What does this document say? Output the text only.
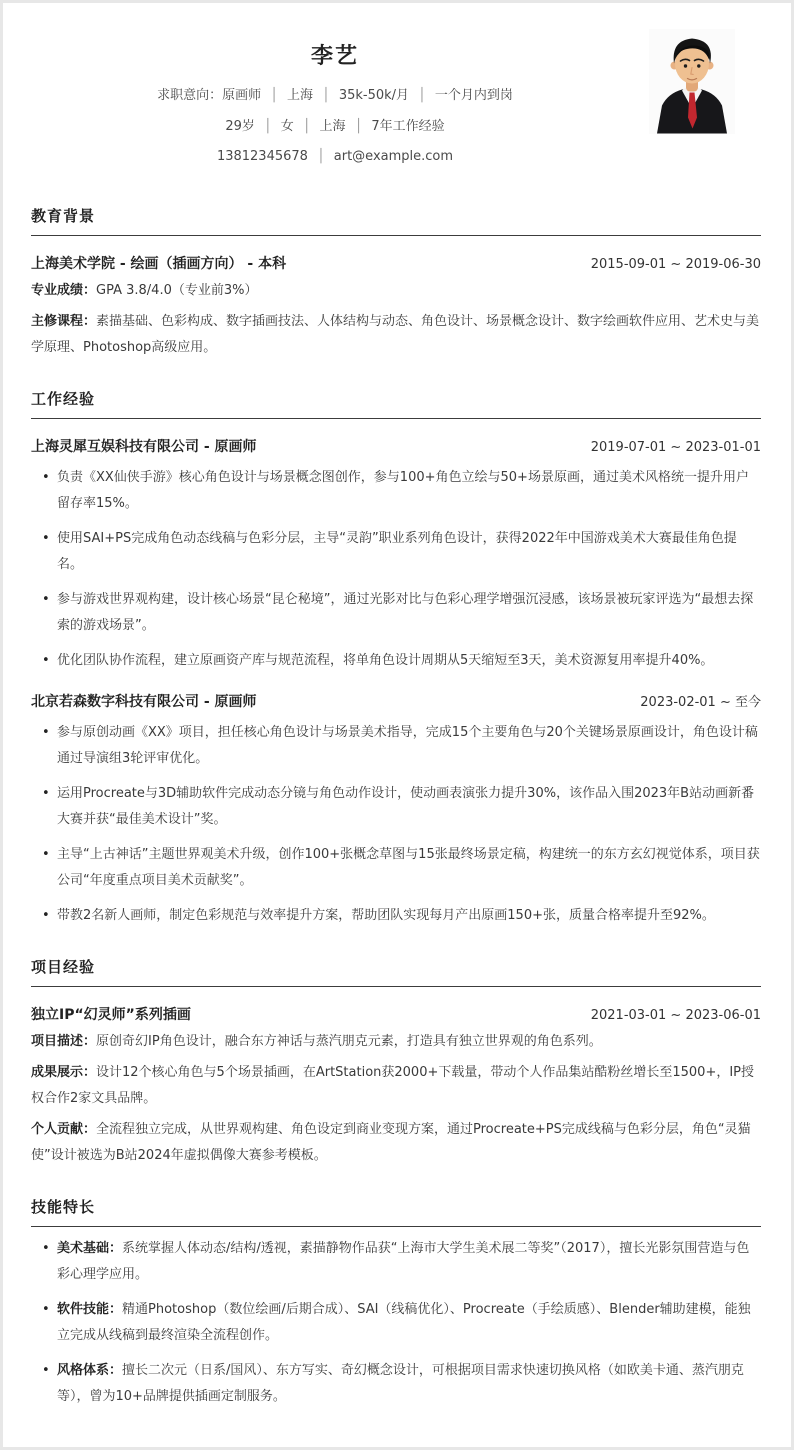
李艺
求职意向：原画师 │ 上海 │ 35k-50k/月 │ 一个月内到岗
29岁 │ 女 │ 上海 │ 7年工作经验
13812345678 │ art@example.com
教育背景
上海美术学院 - 绘画（插画方向） - 本科	2015-09-01 ~ 2019-06-30

专业成绩：GPA 3.8/4.0（专业前3%）

主修课程：素描基础、色彩构成、数字插画技法、人体结构与动态、角色设计、场景概念设计、数字绘画软件应用、艺术史与美学原理、Photoshop高级应用。

工作经验
上海灵犀互娱科技有限公司 - 原画师	2019-07-01 ~ 2023-01-01
• 负责《XX仙侠手游》核心角色设计与场景概念图创作，参与100+角色立绘与50+场景原画，通过美术风格统一提升用户留存率15%。
• 使用SAI+PS完成角色动态线稿与色彩分层，主导“灵韵”职业系列角色设计，获得2022年中国游戏美术大赛最佳角色提名。
• 参与游戏世界观构建，设计核心场景“昆仑秘境”，通过光影对比与色彩心理学增强沉浸感，该场景被玩家评选为“最想去探索的游戏场景”。
• 优化团队协作流程，建立原画资产库与规范流程，将单角色设计周期从5天缩短至3天，美术资源复用率提升40%。
北京若森数字科技有限公司 - 原画师	2023-02-01 ~ 至今
• 参与原创动画《XX》项目，担任核心角色设计与场景美术指导，完成15个主要角色与20个关键场景原画设计，角色设计稿通过导演组3轮评审优化。
• 运用Procreate与3D辅助软件完成动态分镜与角色动作设计，使动画表演张力提升30%，该作品入围2023年B站动画新番大赛并获“最佳美术设计”奖。
• 主导“上古神话”主题世界观美术升级，创作100+张概念草图与15张最终场景定稿，构建统一的东方玄幻视觉体系，项目获公司“年度重点项目美术贡献奖”。
• 带教2名新人画师，制定色彩规范与效率提升方案，帮助团队实现每月产出原画150+张，质量合格率提升至92%。
项目经验
独立IP“幻灵师”系列插画	2021-03-01 ~ 2023-06-01

项目描述：原创奇幻IP角色设计，融合东方神话与蒸汽朋克元素，打造具有独立世界观的角色系列。

成果展示：设计12个核心角色与5个场景插画，在ArtStation获2000+下载量，带动个人作品集站酷粉丝增长至1500+，IP授权合作2家文具品牌。

个人贡献：全流程独立完成，从世界观构建、角色设定到商业变现方案，通过Procreate+PS完成线稿与色彩分层，角色“灵猫使”设计被选为B站2024年虚拟偶像大赛参考模板。

技能特长
• 美术基础：系统掌握人体动态/结构/透视，素描静物作品获“上海市大学生美术展二等奖”（2017），擅长光影氛围营造与色彩心理学应用。
• 软件技能：精通Photoshop（数位绘画/后期合成）、SAI（线稿优化）、Procreate（手绘质感）、Blender辅助建模，能独立完成从线稿到最终渲染全流程创作。
• 风格体系：擅长二次元（日系/国风）、东方写实、奇幻概念设计，可根据项目需求快速切换风格（如欧美卡通、蒸汽朋克等），曾为10+品牌提供插画定制服务。
